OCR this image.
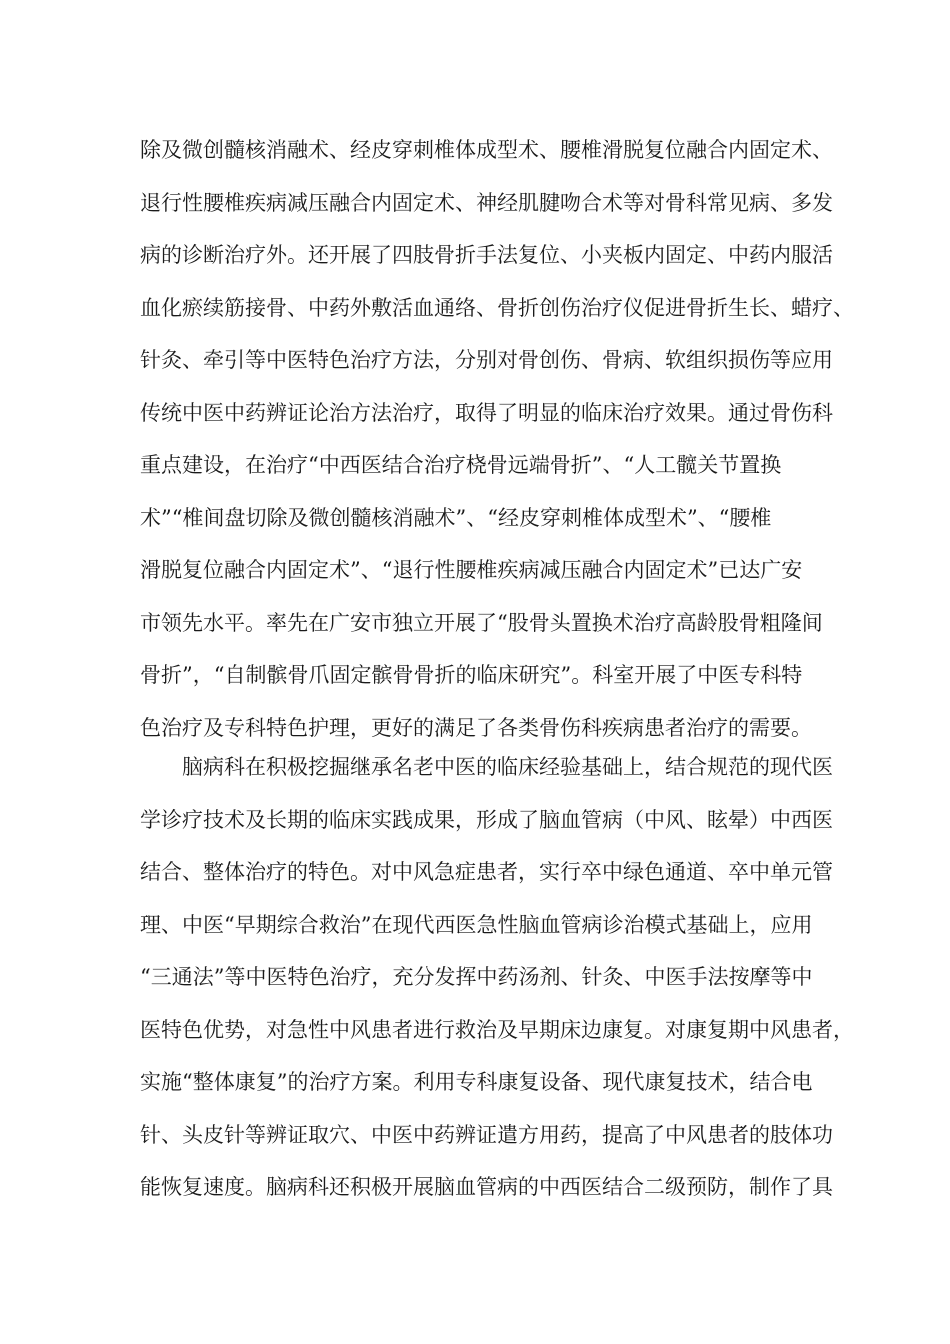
除及微创髓核消融术、经皮穿刺椎体成型术、腰椎滑脱复位融合内固定术、
退行性腰椎疾病减压融合内固定术、神经肌腱吻合术等对骨科常见病、多发
病的诊断治疗外。还开展了四肢骨折手法复位、小夹板内固定、中药内服活
血化瘀续筋接骨、中药外敷活血通络、骨折创伤治疗仪促进骨折生长、蜡疗、
针灸、牵引等中医特色治疗方法，分别对骨创伤、骨病、软组织损伤等应用
传统中医中药辨证论治方法治疗，取得了明显的临床治疗效果。通过骨伤科
重点建设，在治疗“中西医结合治疗桡骨远端骨折”、“人工髋关节置换
术”“椎间盘切除及微创髓核消融术”、“经皮穿刺椎体成型术”、“腰椎
滑脱复位融合内固定术”、“退行性腰椎疾病减压融合内固定术”已达广安
市领先水平。率先在广安市独立开展了“股骨头置换术治疗高龄股骨粗隆间
骨折”，“自制髌骨爪固定髌骨骨折的临床研究”。科室开展了中医专科特
色治疗及专科特色护理，更好的满足了各类骨伤科疾病患者治疗的需要。
脑病科在积极挖掘继承名老中医的临床经验基础上，结合规范的现代医
学诊疗技术及长期的临床实践成果，形成了脑血管病（中风、眩晕）中西医
结合、整体治疗的特色。对中风急症患者，实行卒中绿色通道、卒中单元管
理、中医“早期综合救治”在现代西医急性脑血管病诊治模式基础上，应用
“三通法”等中医特色治疗，充分发挥中药汤剂、针灸、中医手法按摩等中
医特色优势，对急性中风患者进行救治及早期床边康复。对康复期中风患者，
实施“整体康复”的治疗方案。利用专科康复设备、现代康复技术，结合电
针、头皮针等辨证取穴、中医中药辨证遣方用药，提高了中风患者的肢体功
能恢复速度。脑病科还积极开展脑血管病的中西医结合二级预防，制作了具
